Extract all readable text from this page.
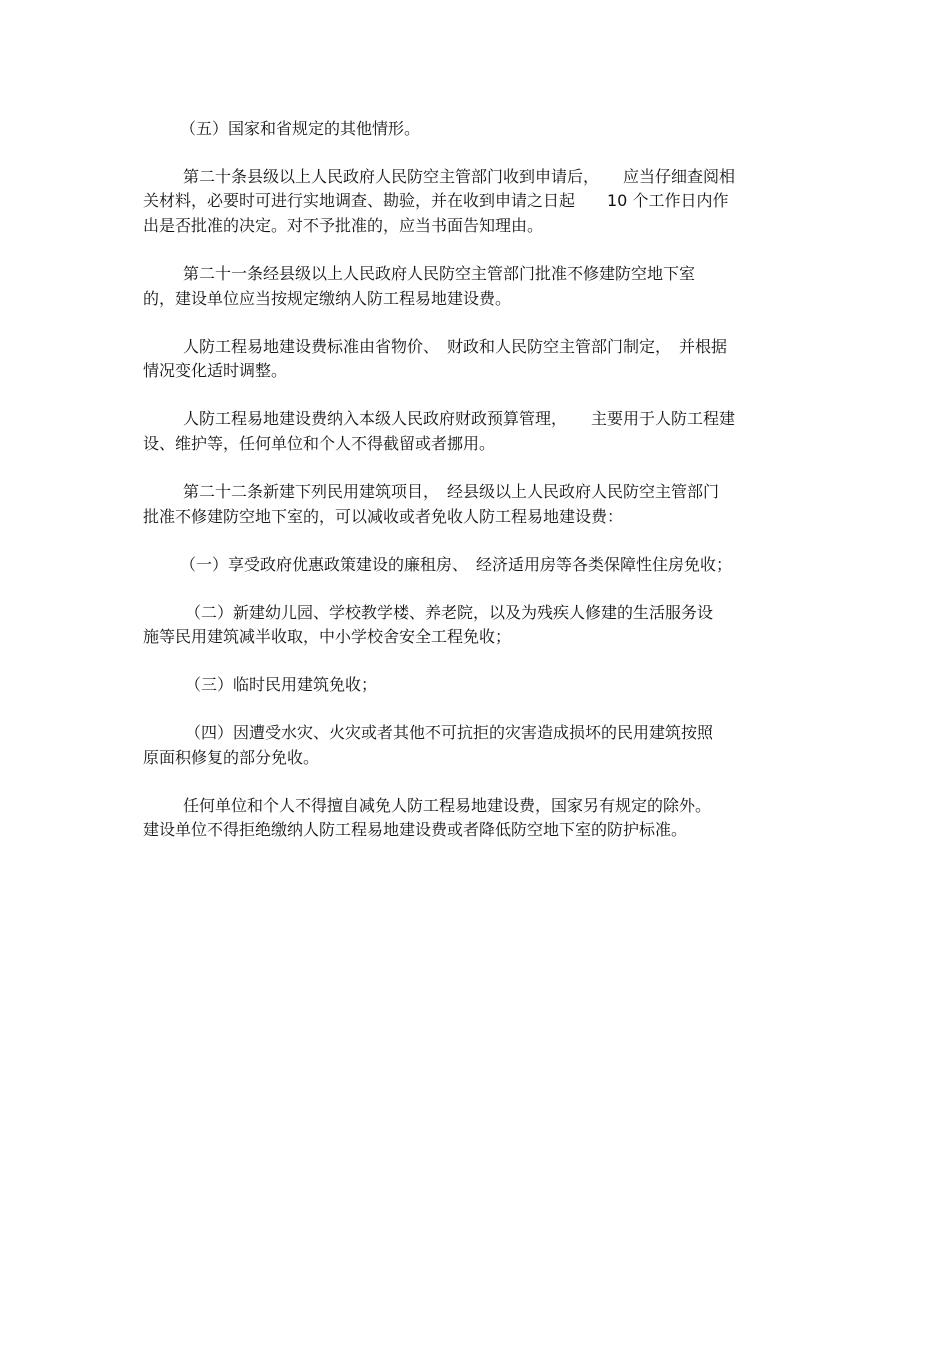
（五）国家和省规定的其他情形。
第二十条县级以上人民政府人民防空主管部门收到申请后，　　应当仔细查阅相
关材料，必要时可进行实地调查、勘验，并在收到申请之日起　　10 个工作日内作
出是否批准的决定。对不予批准的，应当书面告知理由。
第二十一条经县级以上人民政府人民防空主管部门批准不修建防空地下室
的，建设单位应当按规定缴纳人防工程易地建设费。
人防工程易地建设费标准由省物价、　财政和人民防空主管部门制定，　并根据
情况变化适时调整。
人防工程易地建设费纳入本级人民政府财政预算管理，　　主要用于人防工程建
设、维护等，任何单位和个人不得截留或者挪用。
第二十二条新建下列民用建筑项目，　经县级以上人民政府人民防空主管部门
批准不修建防空地下室的，可以减收或者免收人防工程易地建设费：
（一）享受政府优惠政策建设的廉租房、　经济适用房等各类保障性住房免收；
（二）新建幼儿园、学校教学楼、养老院，以及为残疾人修建的生活服务设
施等民用建筑减半收取，中小学校舍安全工程免收；
（三）临时民用建筑免收；
（四）因遭受水灾、火灾或者其他不可抗拒的灾害造成损坏的民用建筑按照
原面积修复的部分免收。
任何单位和个人不得擅自减免人防工程易地建设费，国家另有规定的除外。
建设单位不得拒绝缴纳人防工程易地建设费或者降低防空地下室的防护标准。
